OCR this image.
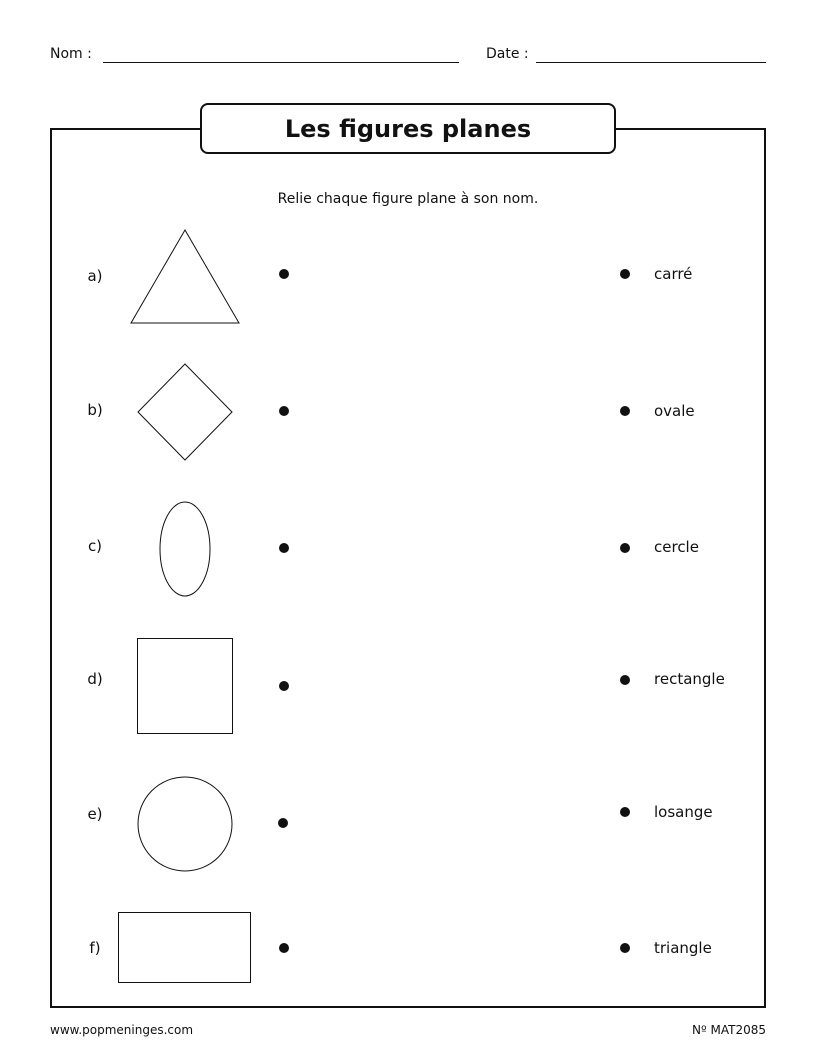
Nom :	Date :
Les figures planes
Relie chaque figure plane à son nom.
a)	carré
b)	ovale
c)	cercle
d)	rectangle
e)	losange
f)	triangle
www.popmeninges.com	Nº MAT2085
